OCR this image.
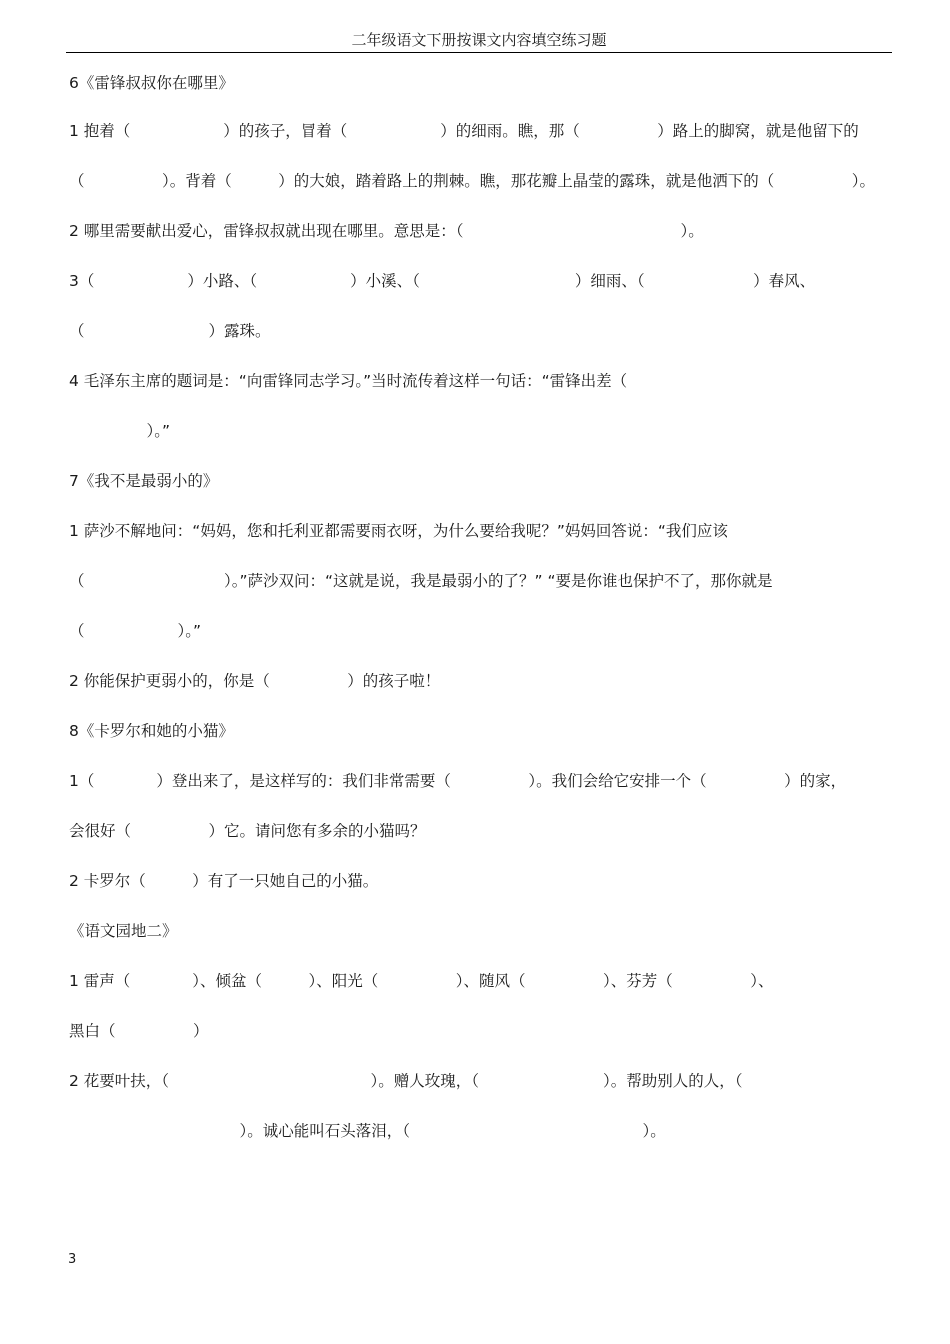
二年级语文下册按课文内容填空练习题
6《雷锋叔叔你在哪里》
1 抱着（　　　　　　）的孩子，冒着（　　　　　　）的细雨。瞧，那（　　　　　）路上的脚窝，就是他留下的
（　　　　　）。背着（　　　）的大娘，踏着路上的荆棘。瞧，那花瓣上晶莹的露珠，就是他洒下的（　　　　　）。
2 哪里需要献出爱心，雷锋叔叔就出现在哪里。意思是：（　　　　　　　　　　　　　　）。
3（　　　　　　）小路、（　　　　　　）小溪、（　　　　　　　　　　）细雨、（　　　　　　　）春风、
（　　　　　　　　）露珠。
4 毛泽东主席的题词是：“向雷锋同志学习。”当时流传着这样一句话：“雷锋出差（
　　　　　）。”
7《我不是最弱小的》
1 萨沙不解地问：“妈妈，您和托利亚都需要雨衣呀，为什么要给我呢？”妈妈回答说：“我们应该
（　　　　　　　　　）。”萨沙双问：“这就是说，我是最弱小的了？” “要是你谁也保护不了，那你就是
（　　　　　　）。”
2 你能保护更弱小的，你是（　　　　　）的孩子啦！
8《卡罗尔和她的小猫》
1（　　　　）登出来了，是这样写的：我们非常需要（　　　　　）。我们会给它安排一个（　　　　　）的家，
会很好（　　　　　）它。请问您有多余的小猫吗？
2 卡罗尔（　　　）有了一只她自己的小猫。
《语文园地二》
1 雷声（　　　　）、倾盆（　　　）、阳光（　　　　　）、随风（　　　　　）、芬芳（　　　　　）、
黑白（　　　　　）
2 花要叶扶，（　　　　　　　　　　　　　）。赠人玫瑰，（　　　　　　　　）。帮助别人的人，（
　　　　　　　　　　　）。诚心能叫石头落泪，（　　　　　　　　　　　　　　　）。
3
